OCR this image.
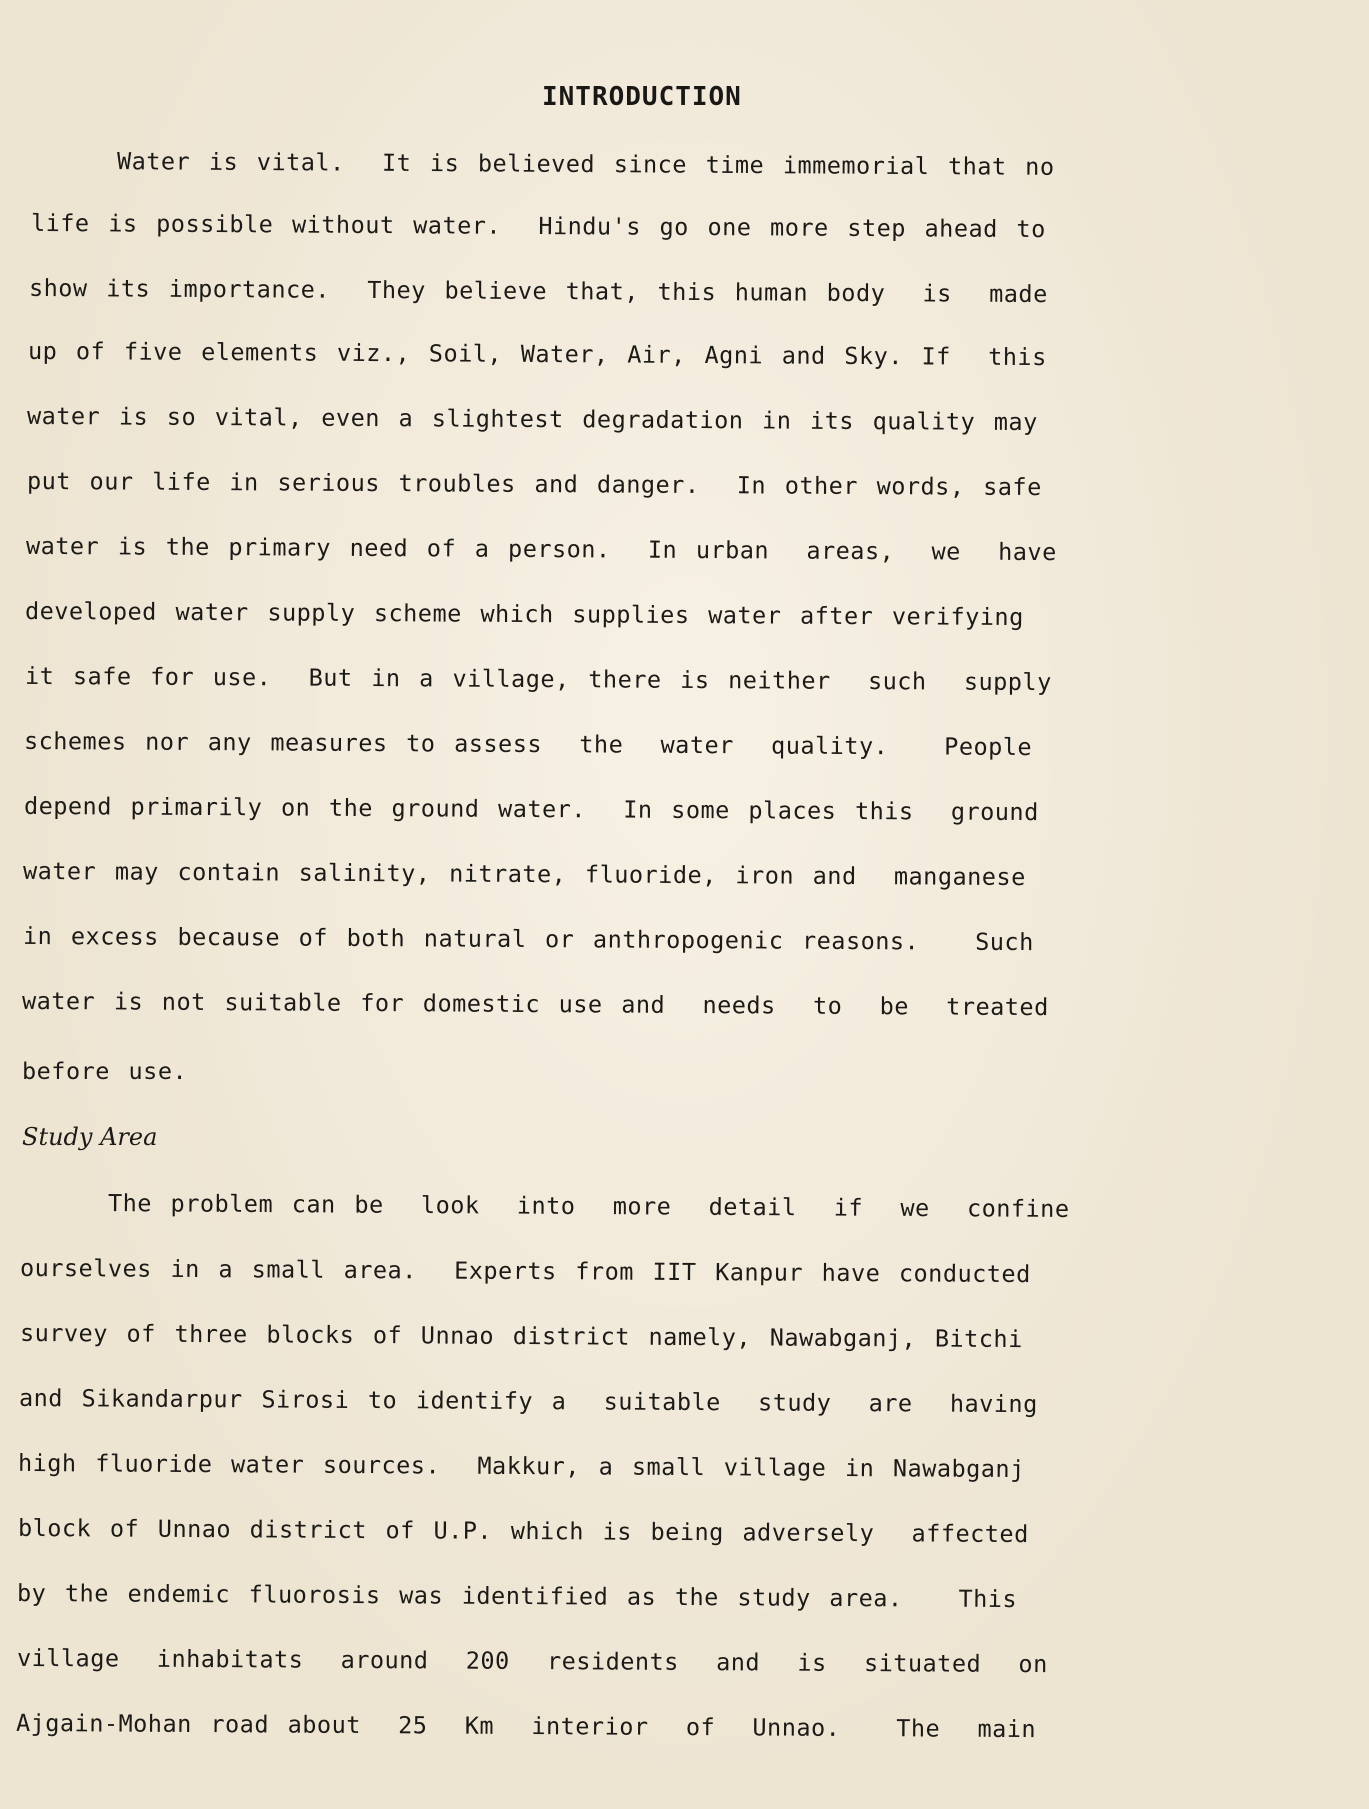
INTRODUCTION
Water is vital.  It is believed since time immemorial that no
life is possible without water.  Hindu's go one more step ahead to
show its importance.  They believe that, this human body  is  made
up of five elements viz., Soil, Water, Air, Agni and Sky. If  this
water is so vital, even a slightest degradation in its quality may
put our life in serious troubles and danger.  In other words, safe
water is the primary need of a person.  In urban  areas,  we  have
developed water supply scheme which supplies water after verifying
it safe for use.  But in a village, there is neither  such  supply
schemes nor any measures to assess  the  water  quality.   People
depend primarily on the ground water.  In some places this  ground
water may contain salinity, nitrate, fluoride, iron and  manganese
in excess because of both natural or anthropogenic reasons.   Such
water is not suitable for domestic use and  needs  to  be  treated
before use.
Study Area
The problem can be  look  into  more  detail  if  we  confine
ourselves in a small area.  Experts from IIT Kanpur have conducted
survey of three blocks of Unnao district namely, Nawabganj, Bitchi
and Sikandarpur Sirosi to identify a  suitable  study  are  having
high fluoride water sources.  Makkur, a small village in Nawabganj
block of Unnao district of U.P. which is being adversely  affected
by the endemic fluorosis was identified as the study area.   This
village  inhabitats  around  200  residents  and  is  situated  on
Ajgain-Mohan road about  25  Km  interior  of  Unnao.   The  main
